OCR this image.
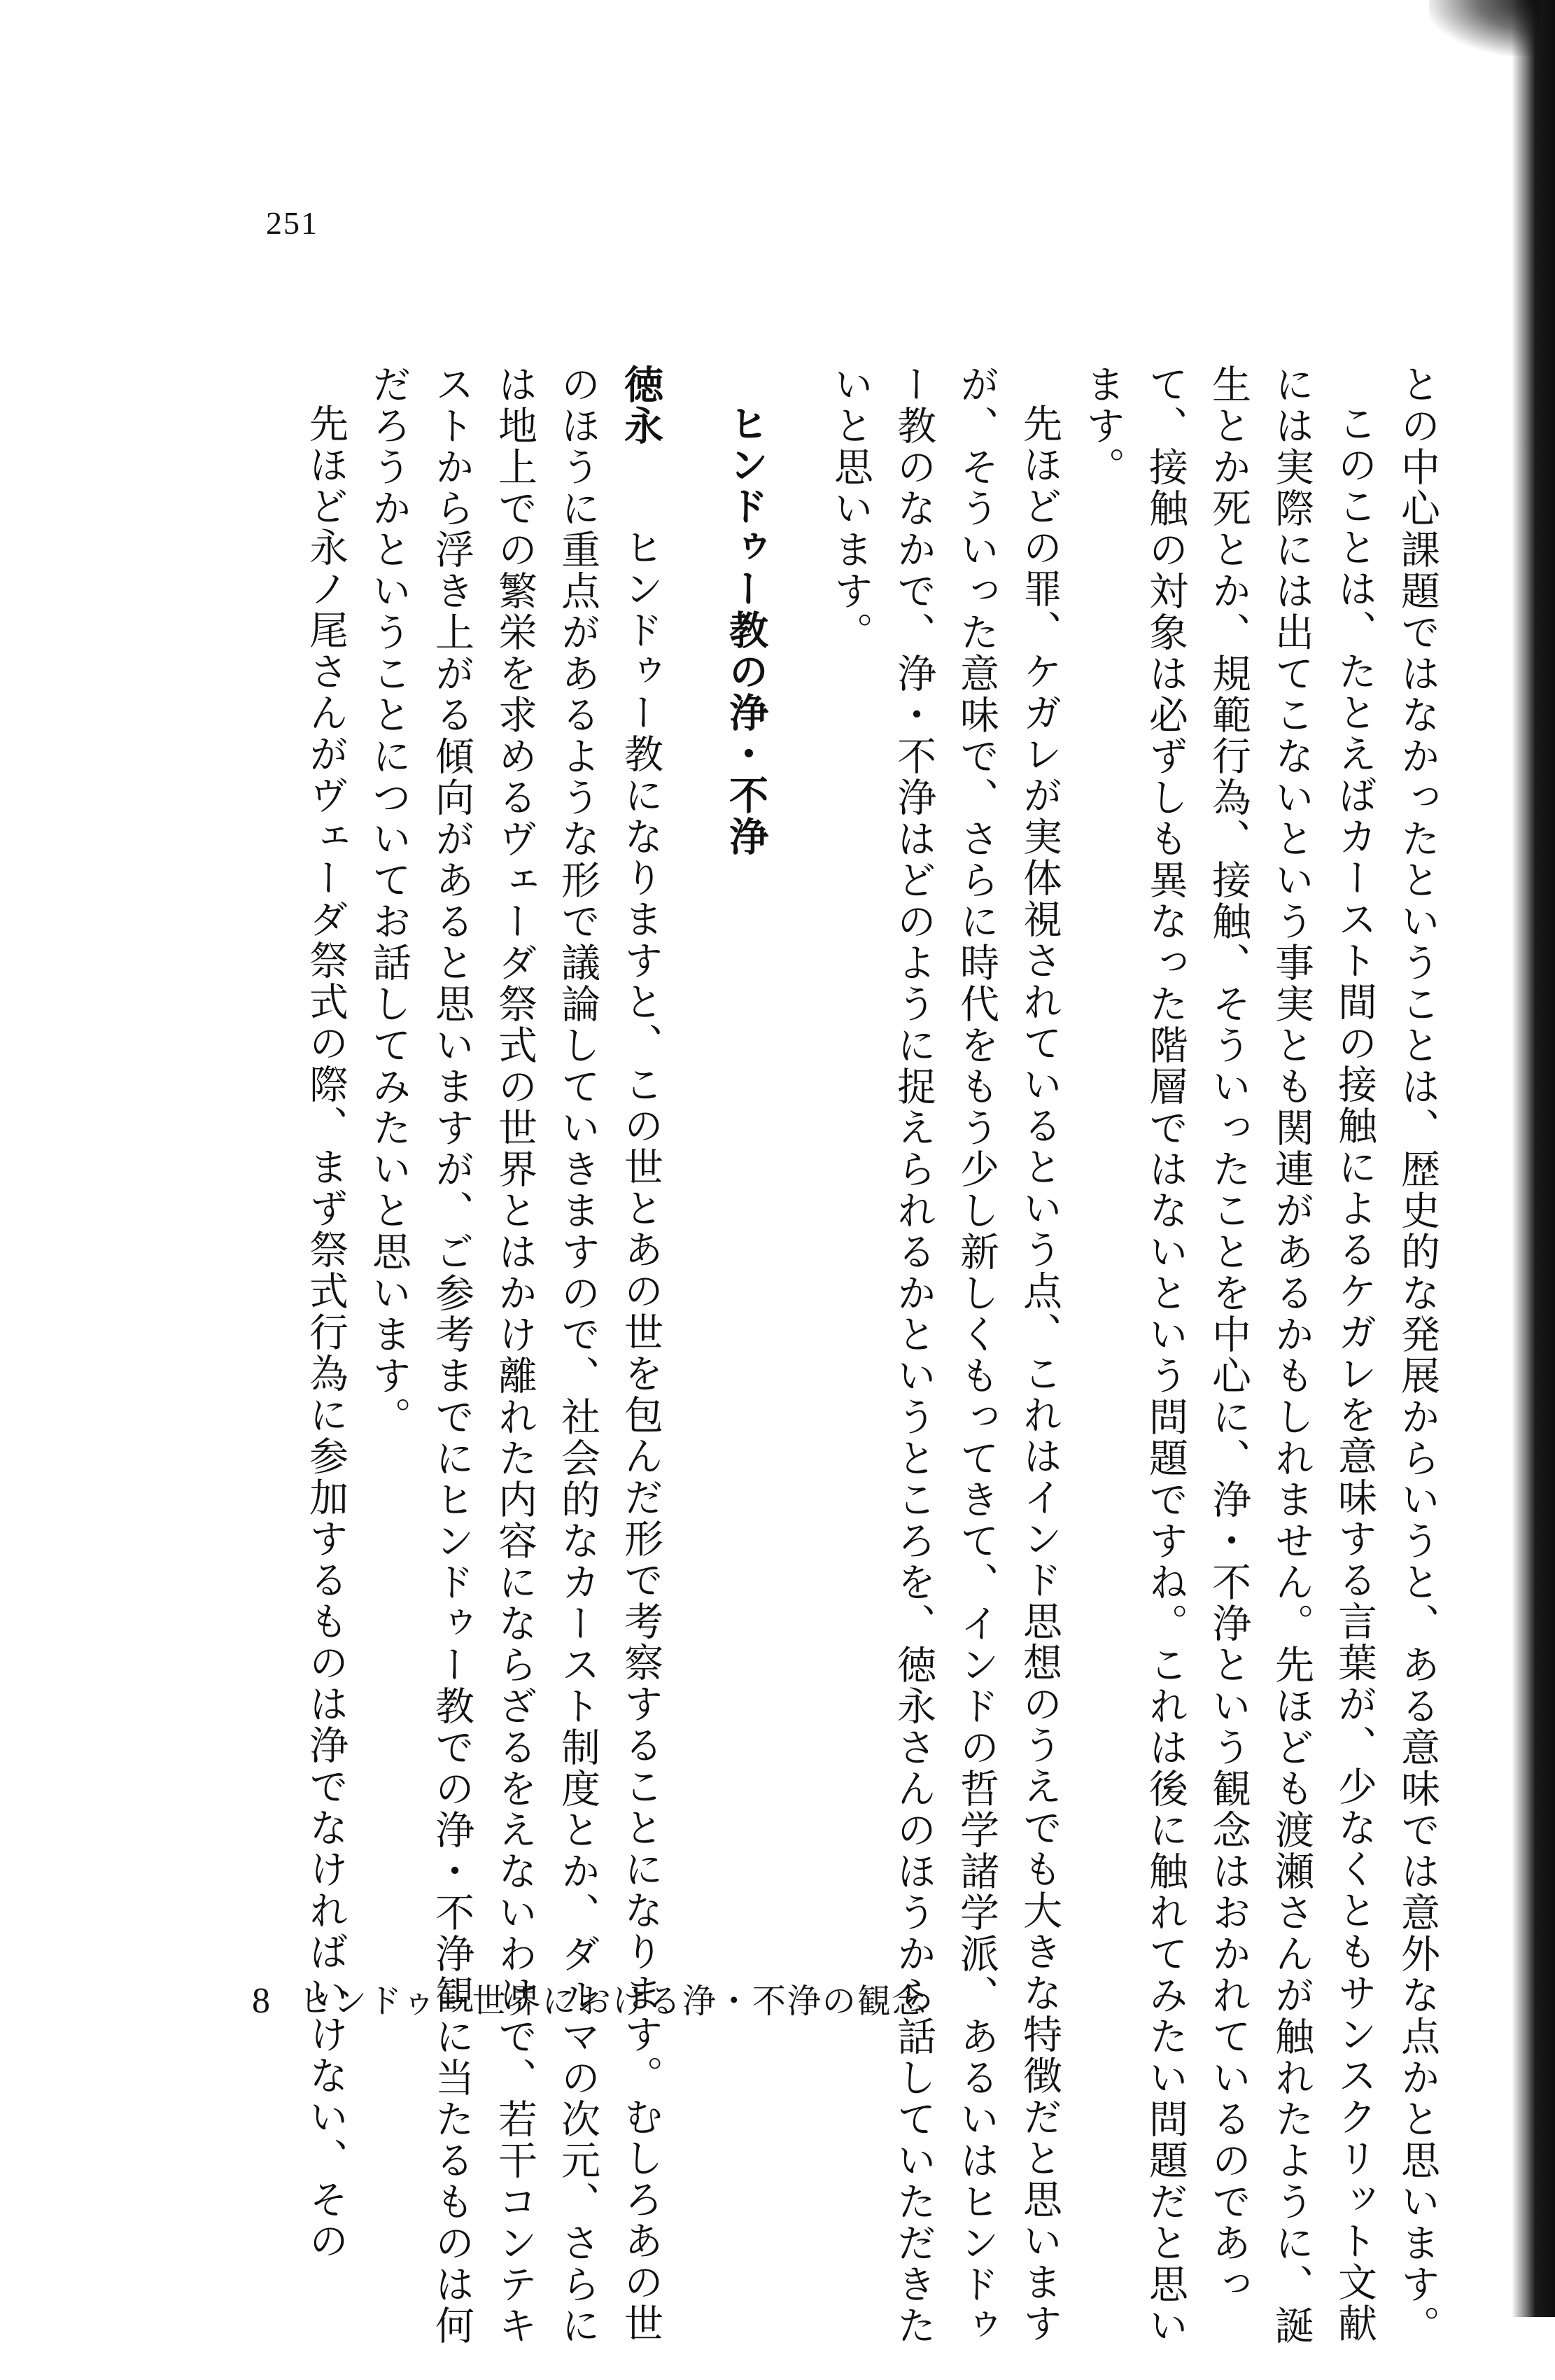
251

との中心課題ではなかったということは、歴史的な発展からいうと、ある意味では意外な点かと思います。

このことは、たとえばカースト間の接触によるケガレを意味する言葉が、少なくともサンスクリット文献には実際には出てこないという事実とも関連があるかもしれません。先ほども渡瀬さんが触れたように、誕生とか死とか、規範行為、接触、そういったことを中心に、浄・不浄という観念はおかれているのであって、接触の対象は必ずしも異なった階層ではないという問題ですね。これは後に触れてみたい問題だと思います。

先ほどの罪、ケガレが実体視されているという点、これはインド思想のうえでも大きな特徴だと思いますが、そういった意味で、さらに時代をもう少し新しくもってきて、インドの哲学諸学派、あるいはヒンドゥー教のなかで、浄・不浄はどのように捉えられるかというところを、徳永さんのほうから話していただきたいと思います。

ヒンドゥー教の浄・不浄

徳永　ヒンドゥー教になりますと、この世とあの世を包んだ形で考察することになります。むしろあの世のほうに重点があるような形で議論していきますので、社会的なカースト制度とか、ダルマの次元、さらには地上での繁栄を求めるヴェーダ祭式の世界とはかけ離れた内容にならざるをえないわけで、若干コンテキストから浮き上がる傾向があると思いますが、ご参考までにヒンドゥー教での浄・不浄観に当たるものは何だろうかということについてお話してみたいと思います。

先ほど永ノ尾さんがヴェーダ祭式の際、まず祭式行為に参加するものは浄でなければいけない、その

8 ヒンドゥー世界における浄・不浄の観念
